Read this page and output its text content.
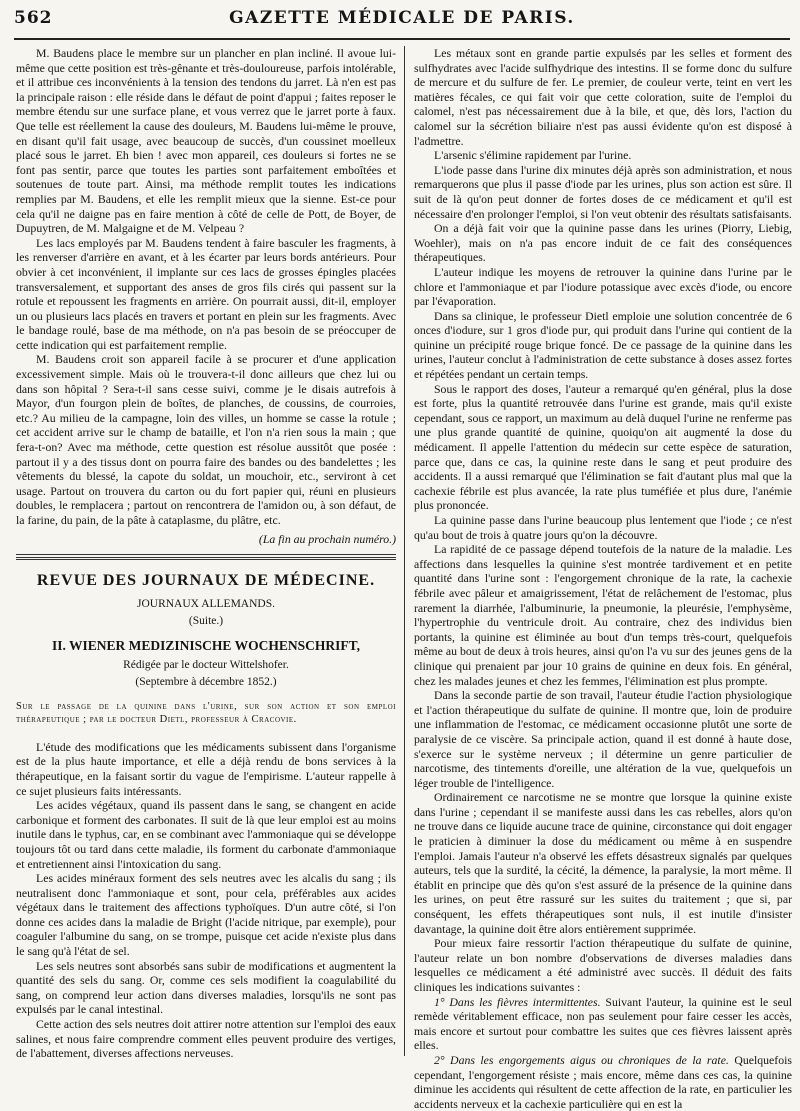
562	GAZETTE MÉDICALE DE PARIS.

M. Baudens place le membre sur un plancher en plan incliné. Il avoue lui-même que cette position est très-gênante et très-douloureuse, parfois intolérable, et il attribue ces inconvénients à la tension des tendons du jarret. Là n'en est pas la principale raison : elle réside dans le défaut de point d'appui ; faites reposer le membre étendu sur une surface plane, et vous verrez que le jarret porte à faux. Que telle est réellement la cause des douleurs, M. Baudens lui-même le prouve, en disant qu'il fait usage, avec beaucoup de succès, d'un coussinet moelleux placé sous le jarret. Eh bien ! avec mon appareil, ces douleurs si fortes ne se font pas sentir, parce que toutes les parties sont parfaitement emboîtées et soutenues de toute part. Ainsi, ma méthode remplit toutes les indications remplies par M. Baudens, et elle les remplit mieux que la sienne. Est-ce pour cela qu'il ne daigne pas en faire mention à côté de celle de Pott, de Boyer, de Dupuytren, de M. Malgaigne et de M. Velpeau ?

Les lacs employés par M. Baudens tendent à faire basculer les fragments, à les renverser d'arrière en avant, et à les écarter par leurs bords antérieurs. Pour obvier à cet inconvénient, il implante sur ces lacs de grosses épingles placées transversalement, et supportant des anses de gros fils cirés qui passent sur la rotule et repoussent les fragments en arrière. On pourrait aussi, dit-il, employer un ou plusieurs lacs placés en travers et portant en plein sur les fragments. Avec le bandage roulé, base de ma méthode, on n'a pas besoin de se préoccuper de cette indication qui est parfaitement remplie.

M. Baudens croit son appareil facile à se procurer et d'une application excessivement simple. Mais où le trouvera-t-il donc ailleurs que chez lui ou dans son hôpital ? Sera-t-il sans cesse suivi, comme je le disais autrefois à Mayor, d'un fourgon plein de boîtes, de planches, de coussins, de courroies, etc.? Au milieu de la campagne, loin des villes, un homme se casse la rotule ; cet accident arrive sur le champ de bataille, et l'on n'a rien sous la main ; que fera-t-on? Avec ma méthode, cette question est résolue aussitôt que posée : partout il y a des tissus dont on pourra faire des bandes ou des bandelettes ; les vêtements du blessé, la capote du soldat, un mouchoir, etc., serviront à cet usage. Partout on trouvera du carton ou du fort papier qui, réuni en plusieurs doubles, le remplacera ; partout on rencontrera de l'amidon ou, à son défaut, de la farine, du pain, de la pâte à cataplasme, du plâtre, etc.

(La fin au prochain numéro.)

REVUE DES JOURNAUX DE MÉDECINE.

JOURNAUX ALLEMANDS.

(Suite.)

II. WIENER MEDIZINISCHE WOCHENSCHRIFT,

Rédigée par le docteur Wittelshofer.

(Septembre à décembre 1852.)

Sur le passage de la quinine dans l'urine, sur son action et son emploi thérapeutique ; par le docteur Dietl, professeur à Cracovie.

L'étude des modifications que les médicaments subissent dans l'organisme est de la plus haute importance, et elle a déjà rendu de bons services à la thérapeutique, en la faisant sortir du vague de l'empirisme. L'auteur rappelle à ce sujet plusieurs faits intéressants.

Les acides végétaux, quand ils passent dans le sang, se changent en acide carbonique et forment des carbonates. Il suit de là que leur emploi est au moins inutile dans le typhus, car, en se combinant avec l'ammoniaque qui se développe toujours tôt ou tard dans cette maladie, ils forment du carbonate d'ammoniaque et entretiennent ainsi l'intoxication du sang.

Les acides minéraux forment des sels neutres avec les alcalis du sang ; ils neutralisent donc l'ammoniaque et sont, pour cela, préférables aux acides végétaux dans le traitement des affections typhoïques. D'un autre côté, si l'on donne ces acides dans la maladie de Bright (l'acide nitrique, par exemple), pour coaguler l'albumine du sang, on se trompe, puisque cet acide n'existe plus dans le sang qu'à l'état de sel.

Les sels neutres sont absorbés sans subir de modifications et augmentent la quantité des sels du sang. Or, comme ces sels modifient la coagulabilité du sang, on comprend leur action dans diverses maladies, lorsqu'ils ne sont pas expulsés par le canal intestinal.

Cette action des sels neutres doit attirer notre attention sur l'emploi des eaux salines, et nous faire comprendre comment elles peuvent produire des vertiges, de l'abattement, diverses affections nerveuses.

Les métaux sont en grande partie expulsés par les selles et forment des sulfhydrates avec l'acide sulfhydrique des intestins. Il se forme donc du sulfure de mercure et du sulfure de fer. Le premier, de couleur verte, teint en vert les matières fécales, ce qui fait voir que cette coloration, suite de l'emploi du calomel, n'est pas nécessairement due à la bile, et que, dès lors, l'action du calomel sur la sécrétion biliaire n'est pas aussi évidente qu'on est disposé à l'admettre.

L'arsenic s'élimine rapidement par l'urine.

L'iode passe dans l'urine dix minutes déjà après son administration, et nous remarquerons que plus il passe d'iode par les urines, plus son action est sûre. Il suit de là qu'on peut donner de fortes doses de ce médicament et qu'il est nécessaire d'en prolonger l'emploi, si l'on veut obtenir des résultats satisfaisants.

On a déjà fait voir que la quinine passe dans les urines (Piorry, Liebig, Woehler), mais on n'a pas encore induit de ce fait des conséquences thérapeutiques.

L'auteur indique les moyens de retrouver la quinine dans l'urine par le chlore et l'ammoniaque et par l'iodure potassique avec excès d'iode, ou encore par l'évaporation.

Dans sa clinique, le professeur Dietl emploie une solution concentrée de 6 onces d'iodure, sur 1 gros d'iode pur, qui produit dans l'urine qui contient de la quinine un précipité rouge brique foncé. De ce passage de la quinine dans les urines, l'auteur conclut à l'administration de cette substance à doses assez fortes et répétées pendant un certain temps.

Sous le rapport des doses, l'auteur a remarqué qu'en général, plus la dose est forte, plus la quantité retrouvée dans l'urine est grande, mais qu'il existe cependant, sous ce rapport, un maximum au delà duquel l'urine ne renferme pas une plus grande quantité de quinine, quoiqu'on ait augmenté la dose du médicament. Il appelle l'attention du médecin sur cette espèce de saturation, parce que, dans ce cas, la quinine reste dans le sang et peut produire des accidents. Il a aussi remarqué que l'élimination se fait d'autant plus mal que la cachexie fébrile est plus avancée, la rate plus tuméfiée et plus dure, l'anémie plus prononcée.

La quinine passe dans l'urine beaucoup plus lentement que l'iode ; ce n'est qu'au bout de trois à quatre jours qu'on la découvre.

La rapidité de ce passage dépend toutefois de la nature de la maladie. Les affections dans lesquelles la quinine s'est montrée tardivement et en petite quantité dans l'urine sont : l'engorgement chronique de la rate, la cachexie fébrile avec pâleur et amaigrissement, l'état de relâchement de l'estomac, plus rarement la diarrhée, l'albuminurie, la pneumonie, la pleurésie, l'emphysème, l'hypertrophie du ventricule droit. Au contraire, chez des individus bien portants, la quinine est éliminée au bout d'un temps très-court, quelquefois même au bout de deux à trois heures, ainsi qu'on l'a vu sur des jeunes gens de la clinique qui prenaient par jour 10 grains de quinine en deux fois. En général, chez les malades jeunes et chez les femmes, l'élimination est plus prompte.

Dans la seconde partie de son travail, l'auteur étudie l'action physiologique et l'action thérapeutique du sulfate de quinine. Il montre que, loin de produire une inflammation de l'estomac, ce médicament occasionne plutôt une sorte de paralysie de ce viscère. Sa principale action, quand il est donné à haute dose, s'exerce sur le système nerveux ; il détermine un genre particulier de narcotisme, des tintements d'oreille, une altération de la vue, quelquefois un léger trouble de l'intelligence.

Ordinairement ce narcotisme ne se montre que lorsque la quinine existe dans l'urine ; cependant il se manifeste aussi dans les cas rebelles, alors qu'on ne trouve dans ce liquide aucune trace de quinine, circonstance qui doit engager le praticien à diminuer la dose du médicament ou même à en suspendre l'emploi. Jamais l'auteur n'a observé les effets désastreux signalés par quelques auteurs, tels que la surdité, la cécité, la démence, la paralysie, la mort même. Il établit en principe que dès qu'on s'est assuré de la présence de la quinine dans les urines, on peut être rassuré sur les suites du traitement ; que si, par conséquent, les effets thérapeutiques sont nuls, il est inutile d'insister davantage, la quinine doit être alors entièrement supprimée.

Pour mieux faire ressortir l'action thérapeutique du sulfate de quinine, l'auteur relate un bon nombre d'observations de diverses maladies dans lesquelles ce médicament a été administré avec succès. Il déduit des faits cliniques les indications suivantes :

1° Dans les fièvres intermittentes. Suivant l'auteur, la quinine est le seul remède véritablement efficace, non pas seulement pour faire cesser les accès, mais encore et surtout pour combattre les suites que ces fièvres laissent après elles.

2° Dans les engorgements aigus ou chroniques de la rate. Quelquefois cependant, l'engorgement résiste ; mais encore, même dans ces cas, la quinine diminue les accidents qui résultent de cette affection de la rate, en particulier les accidents nerveux et la cachexie particulière qui en est la
